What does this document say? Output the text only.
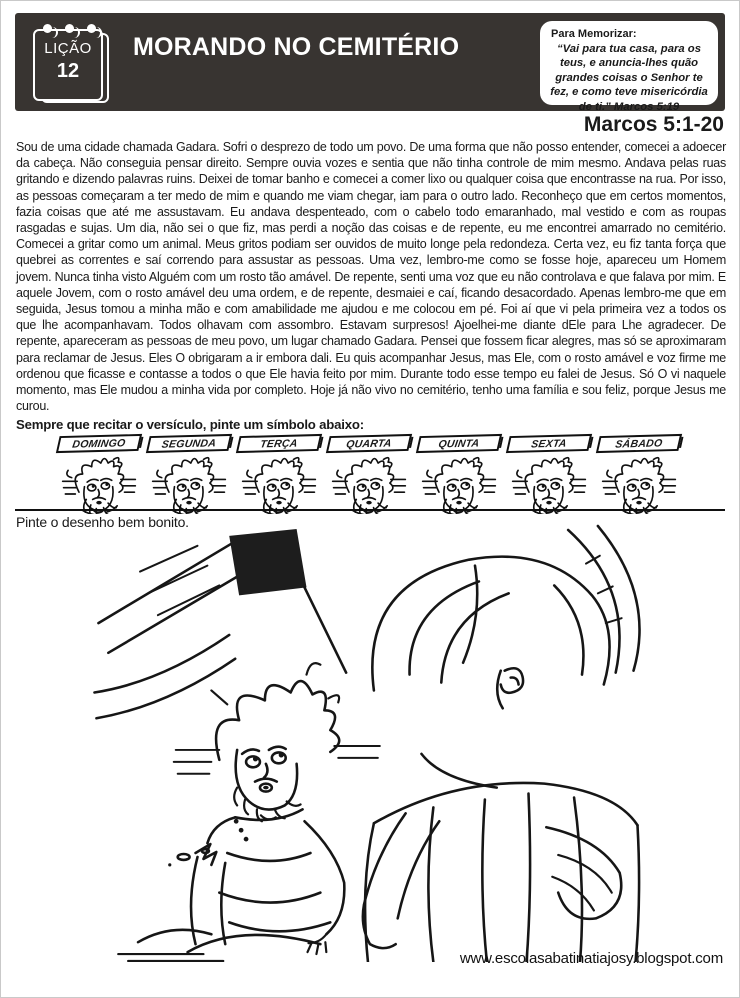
LIÇÃO
12
MORANDO NO CEMITÉRIO	Para Memorizar:
“Vai para tua casa, para os teus, e anuncia-lhes quão grandes coisas o Senhor te fez, e como teve misericórdia de ti.” Marcos 5:19
Marcos 5:1-20

Sou de uma cidade chamada Gadara. Sofri o desprezo de todo um povo. De uma forma que não posso entender, comecei a adoecer da cabeça. Não conseguia pensar direito. Sempre ouvia vozes e sentia que não tinha controle de mim mesmo. Andava pelas ruas gritando e dizendo palavras ruins. Deixei de tomar banho e comecei a comer lixo ou qualquer coisa que encontrasse na rua. Por isso, as pessoas começaram a ter medo de mim e quando me viam chegar, iam para o outro lado. Reconheço que em certos momentos, fazia coisas que até me assustavam. Eu andava despenteado, com o cabelo todo emaranhado, mal vestido e com as roupas rasgadas e sujas. Um dia, não sei o que fiz, mas perdi a noção das coisas e de repente, eu me encontrei amarrado no cemitério. Comecei a gritar como um animal. Meus gritos podiam ser ouvidos de muito longe pela redondeza. Certa vez, eu fiz tanta força que quebrei as correntes e saí correndo para assustar as pessoas. Uma vez, lembro-me como se fosse hoje, apareceu um Homem jovem. Nunca tinha visto Alguém com um rosto tão amável. De repente, senti uma voz que eu não controlava e que falava por mim. E aquele Jovem, com o rosto amável deu uma ordem, e de repente, desmaiei e caí, ficando desacordado. Apenas lembro-me que em seguida, Jesus tomou a minha mão e com amabilidade me ajudou e me colocou em pé. Foi aí que vi pela primeira vez a todos os que lhe acompanhavam. Todos olhavam com assombro. Estavam surpresos! Ajoelhei-me diante dEle para Lhe agradecer. De repente, apareceram as pessoas de meu povo, um lugar chamado Gadara. Pensei que fossem ficar alegres, mas só se aproximaram para reclamar de Jesus. Eles O obrigaram a ir embora dali. Eu quis acompanhar Jesus, mas Ele, com o rosto amável e voz firme me ordenou que ficasse e contasse a todos o que Ele havia feito por mim. Durante todo esse tempo eu falei de Jesus. Só O vi naquele momento, mas Ele mudou a minha vida por completo. Hoje já não vivo no cemitério, tenho uma família e sou feliz, porque Jesus me curou.

Sempre que recitar o versículo, pinte um símbolo abaixo:

DOMINGO	SEGUNDA	TERÇA	QUARTA	QUINTA	SEXTA	SÁBADO

Pinte o desenho bem bonito.

www.escolasabatinatiajosy.blogspot.com
